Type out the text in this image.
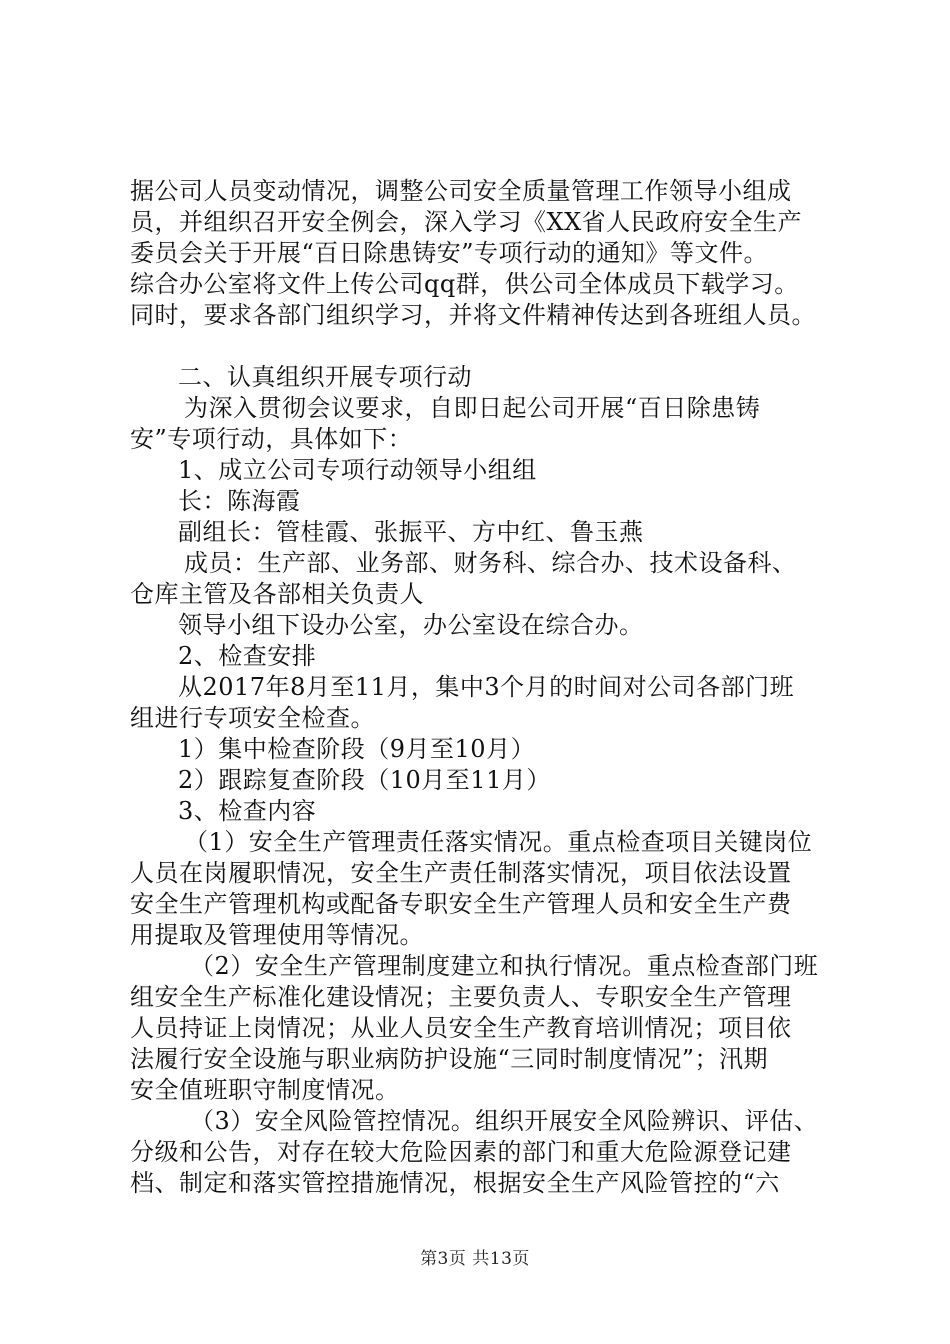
据公司人员变动情况，调整公司安全质量管理工作领导小组成
员，并组织召开安全例会，深入学习《XX省人民政府安全生产
委员会关于开展“百日除患铸安”专项行动的通知》等文件。
综合办公室将文件上传公司qq群，供公司全体成员下载学习。
同时，要求各部门组织学习，并将文件精神传达到各班组人员。
二、认真组织开展专项行动
为深入贯彻会议要求，自即日起公司开展“百日除患铸
安”专项行动，具体如下：
1、成立公司专项行动领导小组组
长：陈海霞
副组长：管桂霞、张振平、方中红、鲁玉燕
成员：生产部、业务部、财务科、综合办、技术设备科、
仓库主管及各部相关负责人
领导小组下设办公室，办公室设在综合办。
2、检查安排
从2017年8月至11月，集中3个月的时间对公司各部门班
组进行专项安全检查。
1）集中检查阶段（9月至10月）
2）跟踪复查阶段（10月至11月）
3、检查内容
（1）安全生产管理责任落实情况。重点检查项目关键岗位
人员在岗履职情况，安全生产责任制落实情况，项目依法设置
安全生产管理机构或配备专职安全生产管理人员和安全生产费
用提取及管理使用等情况。
（2）安全生产管理制度建立和执行情况。重点检查部门班
组安全生产标准化建设情况；主要负责人、专职安全生产管理
人员持证上岗情况；从业人员安全生产教育培训情况；项目依
法履行安全设施与职业病防护设施“三同时制度情况”；汛期
安全值班职守制度情况。
（3）安全风险管控情况。组织开展安全风险辨识、评估、
分级和公告，对存在较大危险因素的部门和重大危险源登记建
档、制定和落实管控措施情况，根据安全生产风险管控的“六
第3页 共13页
